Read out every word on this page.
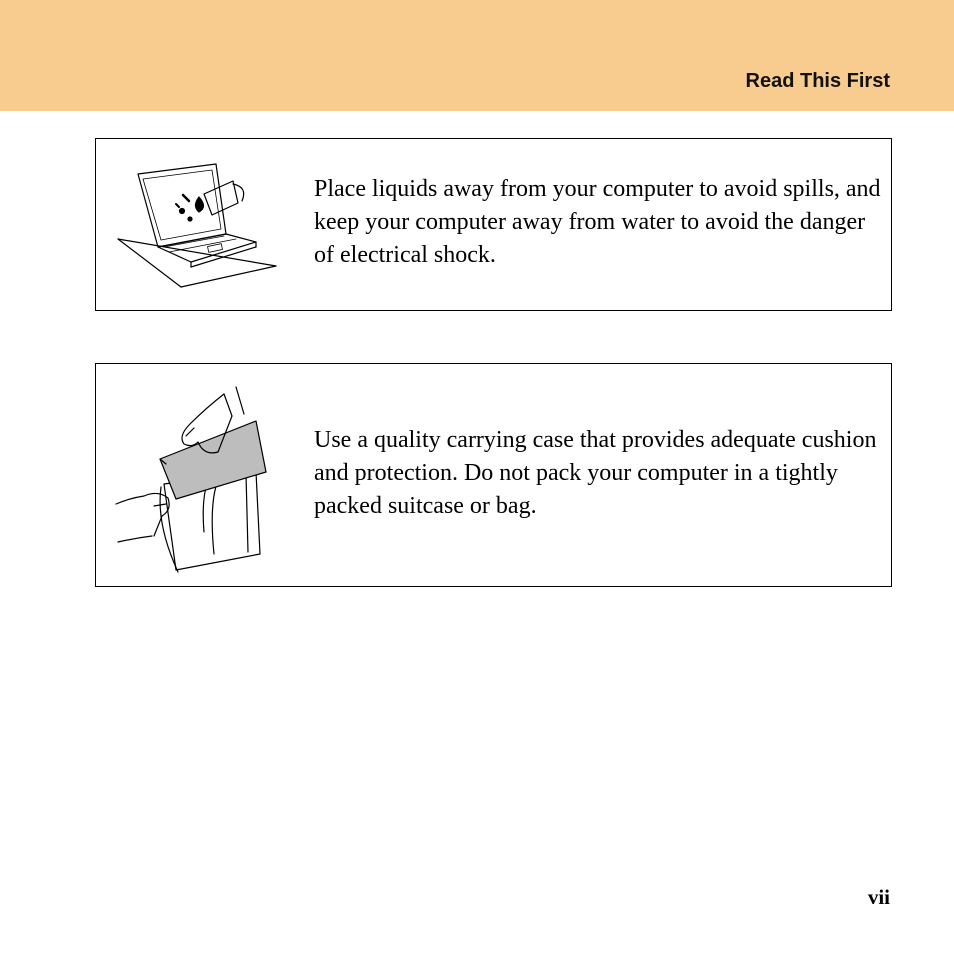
Read This First
Place liquids away from your computer to avoid spills, and keep your computer away from water to avoid the danger of electrical shock.
Use a quality carrying case that provides adequate cushion and protection. Do not pack your computer in a tightly packed suitcase or bag.
vii
